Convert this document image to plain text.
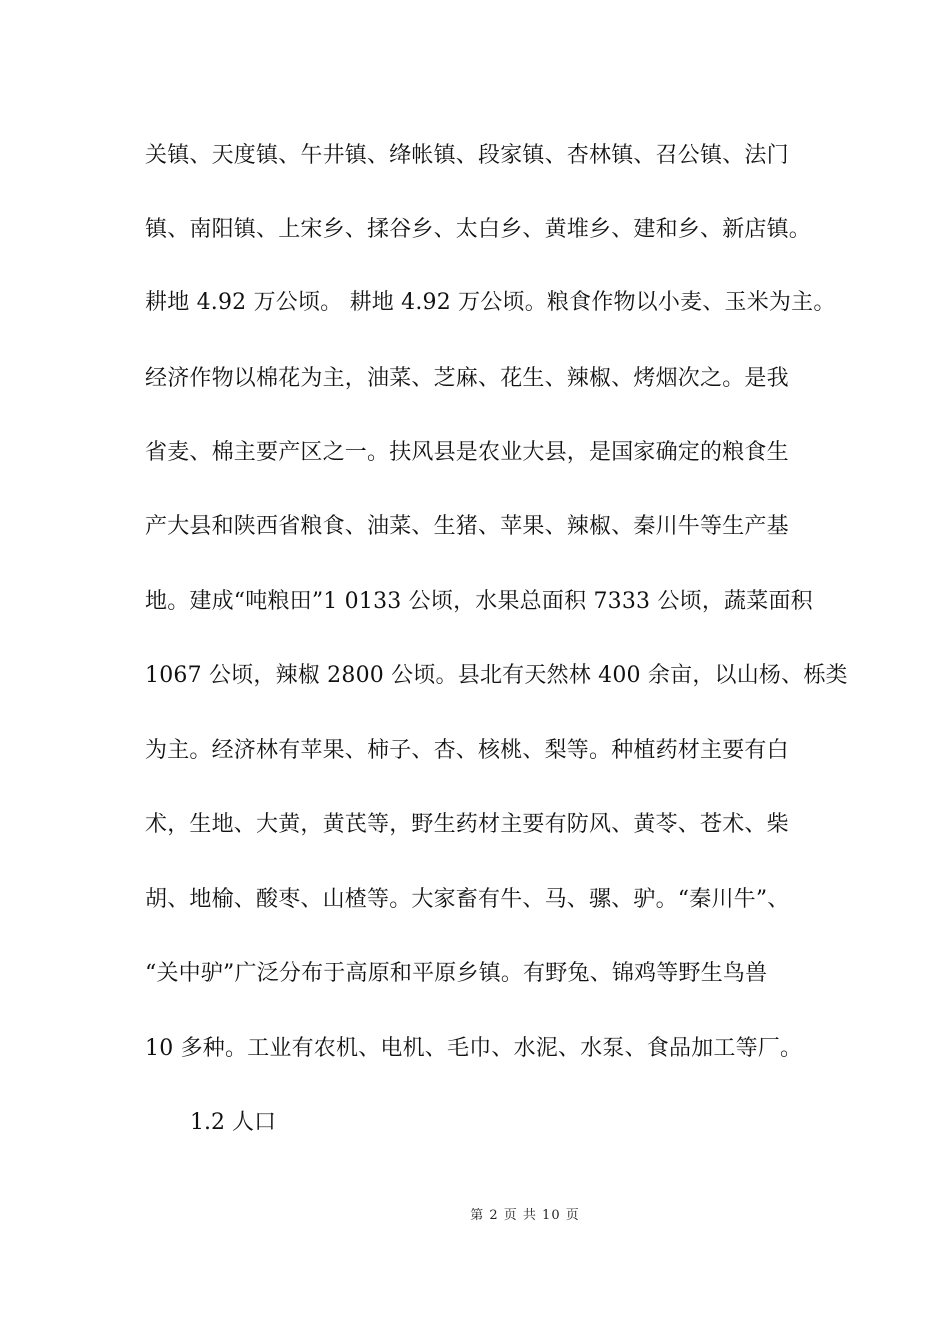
关镇、天度镇、午井镇、绛帐镇、段家镇、杏林镇、召公镇、法门
镇、南阳镇、上宋乡、揉谷乡、太白乡、黄堆乡、建和乡、新店镇。
耕地 4.92 万公顷。 耕地 4.92 万公顷。粮食作物以小麦、玉米为主。
经济作物以棉花为主，油菜、芝麻、花生、辣椒、烤烟次之。是我
省麦、棉主要产区之一。扶风县是农业大县，是国家确定的粮食生
产大县和陕西省粮食、油菜、生猪、苹果、辣椒、秦川牛等生产基
地。建成“吨粮田”1 0133 公顷，水果总面积 7333 公顷，蔬菜面积
1067 公顷，辣椒 2800 公顷。县北有天然林 400 余亩，以山杨、栎类
为主。经济林有苹果、柿子、杏、核桃、梨等。种植药材主要有白
术，生地、大黄，黄芪等，野生药材主要有防风、黄苓、苍术、柴
胡、地榆、酸枣、山楂等。大家畜有牛、马、骡、驴。“秦川牛”、
“关中驴”广泛分布于高原和平原乡镇。有野兔、锦鸡等野生鸟兽
10 多种。工业有农机、电机、毛巾、水泥、水泵、食品加工等厂。
1.2 人口
第 2 页 共 10 页
